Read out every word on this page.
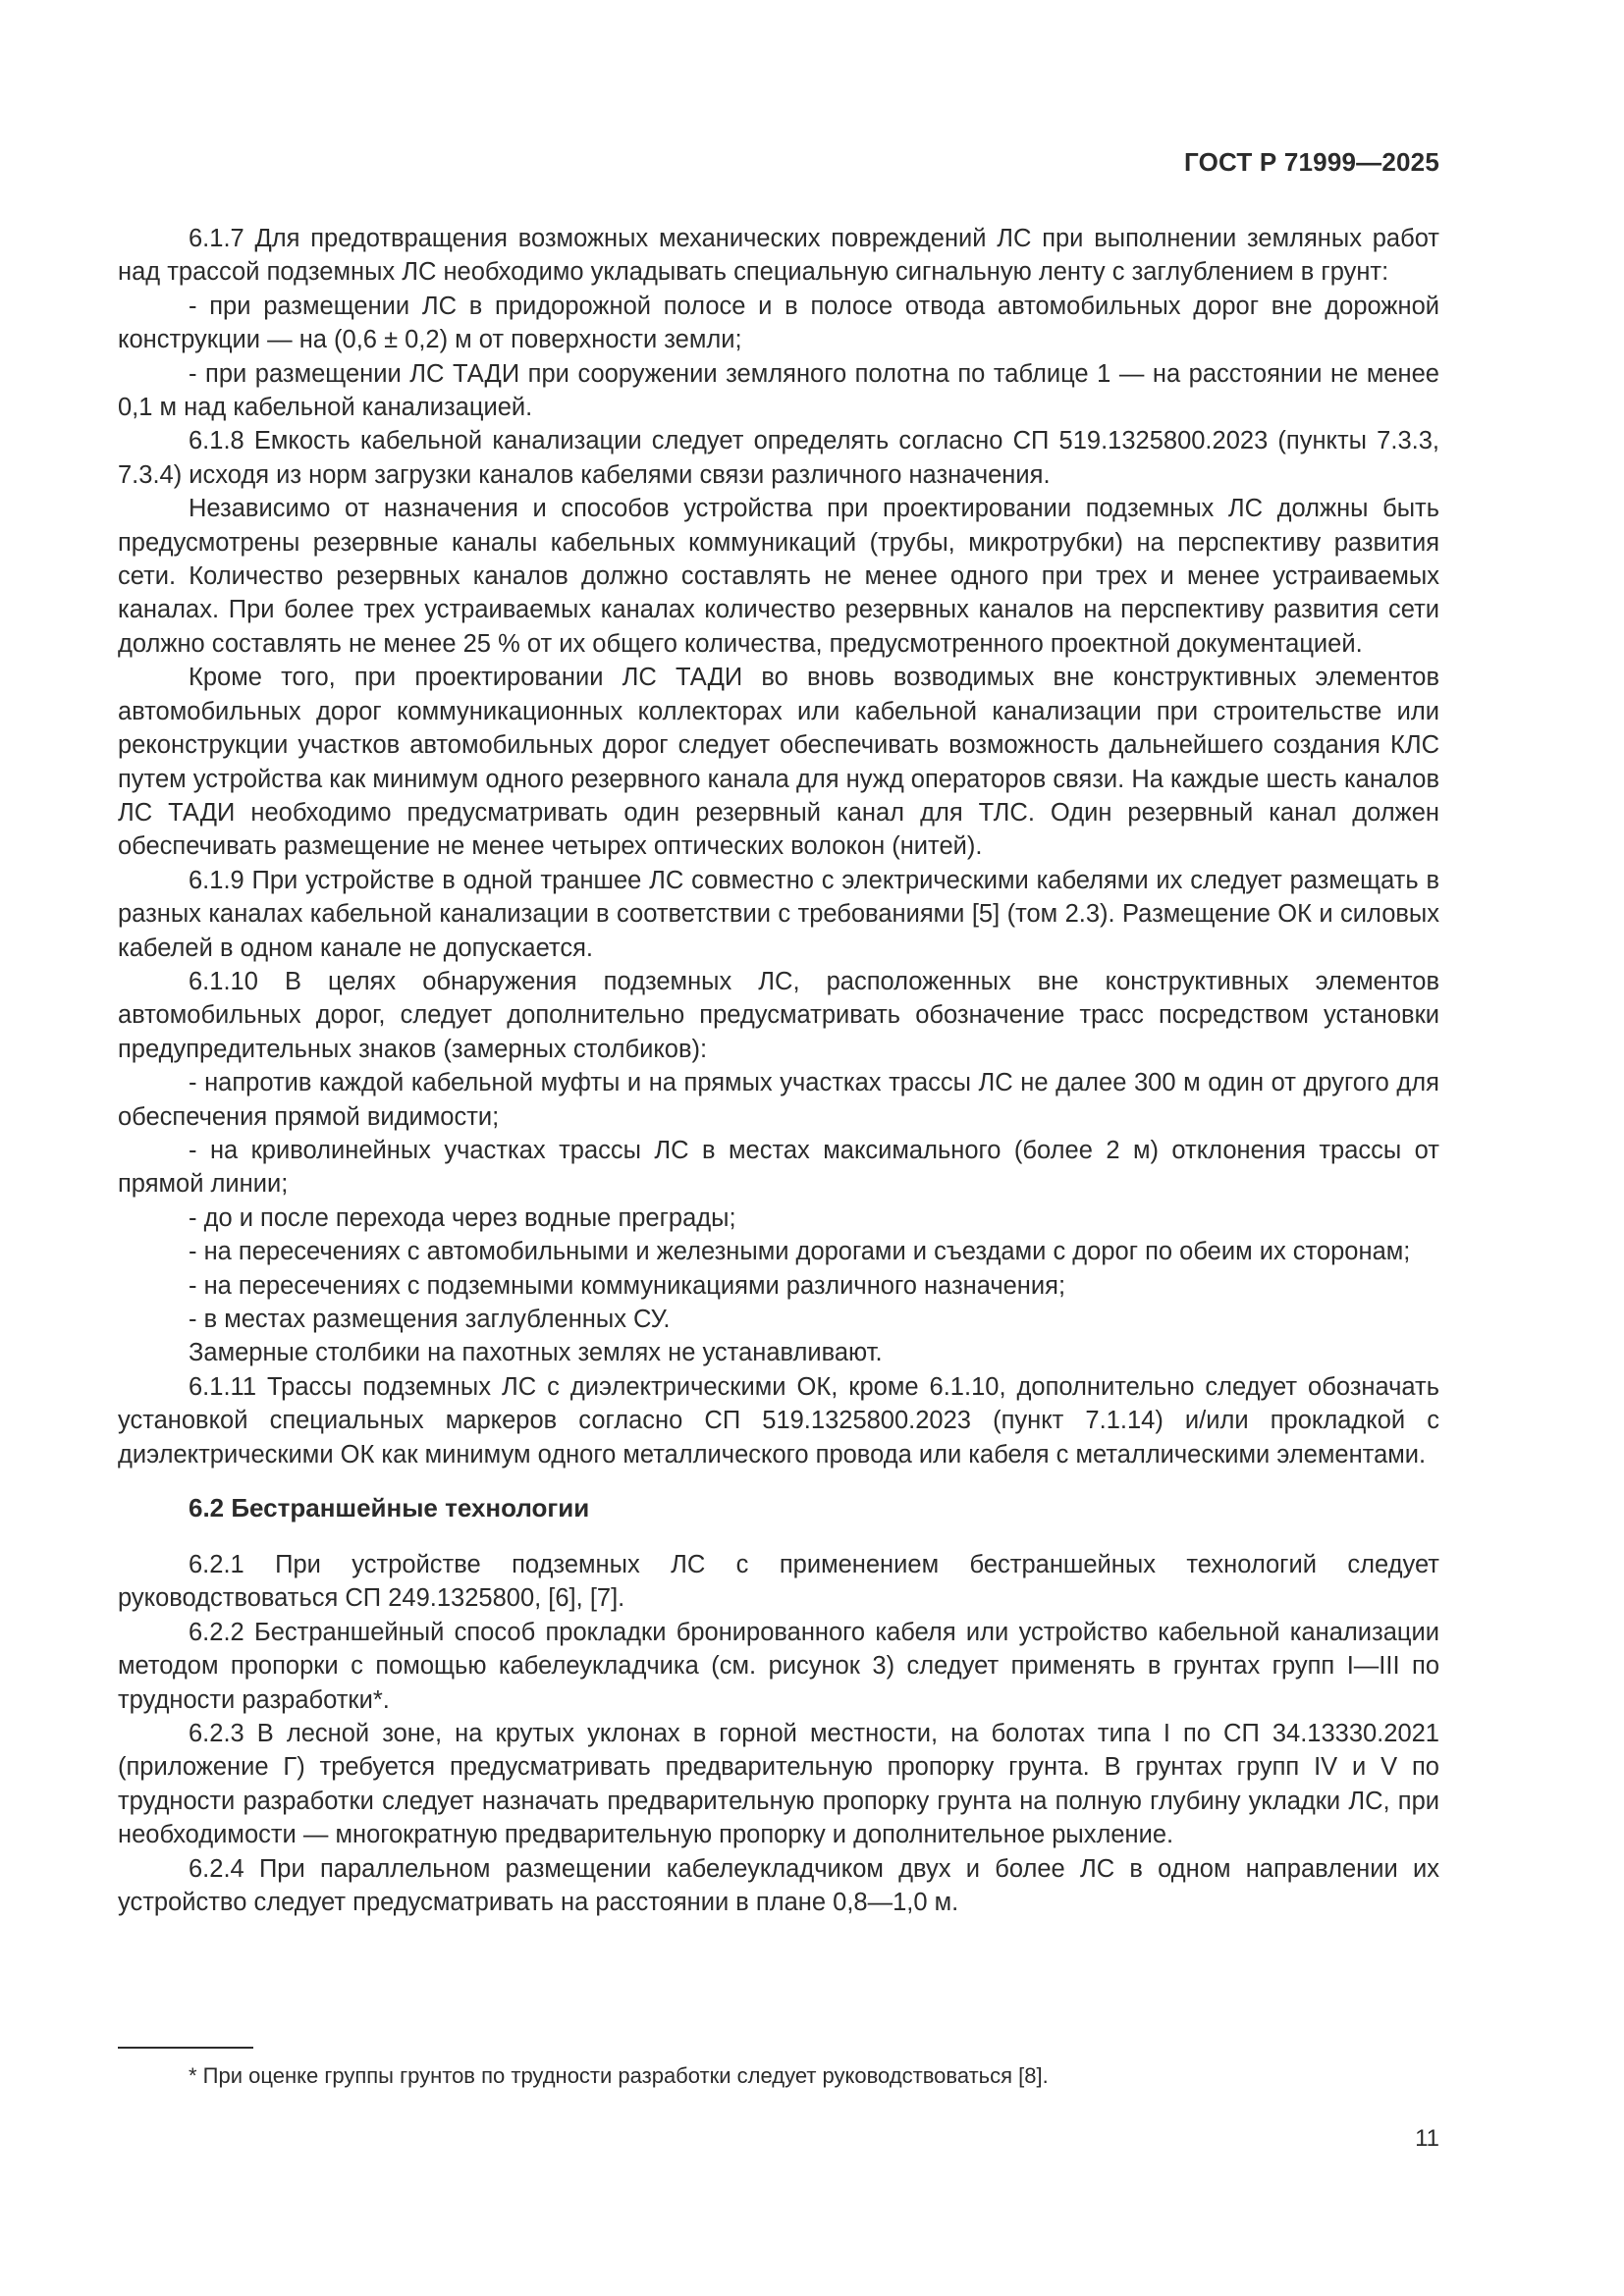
ГОСТ Р 71999—2025

6.1.7 Для предотвращения возможных механических повреждений ЛС при выполнении земляных работ над трассой подземных ЛС необходимо укладывать специальную сигнальную ленту с заглублением в грунт:

- при размещении ЛС в придорожной полосе и в полосе отвода автомобильных дорог вне дорожной конструкции — на (0,6 ± 0,2) м от поверхности земли;

- при размещении ЛС ТАДИ при сооружении земляного полотна по таблице 1 — на расстоянии не менее 0,1 м над кабельной канализацией.

6.1.8 Емкость кабельной канализации следует определять согласно СП 519.1325800.2023 (пункты 7.3.3, 7.3.4) исходя из норм загрузки каналов кабелями связи различного назначения.

Независимо от назначения и способов устройства при проектировании подземных ЛС должны быть предусмотрены резервные каналы кабельных коммуникаций (трубы, микротрубки) на перспективу развития сети. Количество резервных каналов должно составлять не менее одного при трех и менее устраиваемых каналах. При более трех устраиваемых каналах количество резервных каналов на перспективу развития сети должно составлять не менее 25 % от их общего количества, предусмотренного проектной документацией.

Кроме того, при проектировании ЛС ТАДИ во вновь возводимых вне конструктивных элементов автомобильных дорог коммуникационных коллекторах или кабельной канализации при строительстве или реконструкции участков автомобильных дорог следует обеспечивать возможность дальнейшего создания КЛС путем устройства как минимум одного резервного канала для нужд операторов связи. На каждые шесть каналов ЛС ТАДИ необходимо предусматривать один резервный канал для ТЛС. Один резервный канал должен обеспечивать размещение не менее четырех оптических волокон (нитей).

6.1.9 При устройстве в одной траншее ЛС совместно с электрическими кабелями их следует размещать в разных каналах кабельной канализации в соответствии с требованиями [5] (том 2.3). Размещение ОК и силовых кабелей в одном канале не допускается.

6.1.10 В целях обнаружения подземных ЛС, расположенных вне конструктивных элементов автомобильных дорог, следует дополнительно предусматривать обозначение трасс посредством установки предупредительных знаков (замерных столбиков):

- напротив каждой кабельной муфты и на прямых участках трассы ЛС не далее 300 м один от другого для обеспечения прямой видимости;

- на криволинейных участках трассы ЛС в местах максимального (более 2 м) отклонения трассы от прямой линии;

- до и после перехода через водные преграды;

- на пересечениях с автомобильными и железными дорогами и съездами с дорог по обеим их сторонам;

- на пересечениях с подземными коммуникациями различного назначения;

- в местах размещения заглубленных СУ.

Замерные столбики на пахотных землях не устанавливают.

6.1.11 Трассы подземных ЛС с диэлектрическими ОК, кроме 6.1.10, дополнительно следует обозначать установкой специальных маркеров согласно СП 519.1325800.2023 (пункт 7.1.14) и/или прокладкой с диэлектрическими ОК как минимум одного металлического провода или кабеля с металлическими элементами.

6.2 Бестраншейные технологии

6.2.1 При устройстве подземных ЛС с применением бестраншейных технологий следует руководствоваться СП 249.1325800, [6], [7].

6.2.2 Бестраншейный способ прокладки бронированного кабеля или устройство кабельной канализации методом пропорки с помощью кабелеукладчика (см. рисунок 3) следует применять в грунтах групп I—III по трудности разработки*.

6.2.3 В лесной зоне, на крутых уклонах в горной местности, на болотах типа I по СП 34.13330.2021 (приложение Г) требуется предусматривать предварительную пропорку грунта. В грунтах групп IV и V по трудности разработки следует назначать предварительную пропорку грунта на полную глубину укладки ЛС, при необходимости — многократную предварительную пропорку и дополнительное рыхление.

6.2.4 При параллельном размещении кабелеукладчиком двух и более ЛС в одном направлении их устройство следует предусматривать на расстоянии в плане 0,8—1,0 м.

* При оценке группы грунтов по трудности разработки следует руководствоваться [8].
11
